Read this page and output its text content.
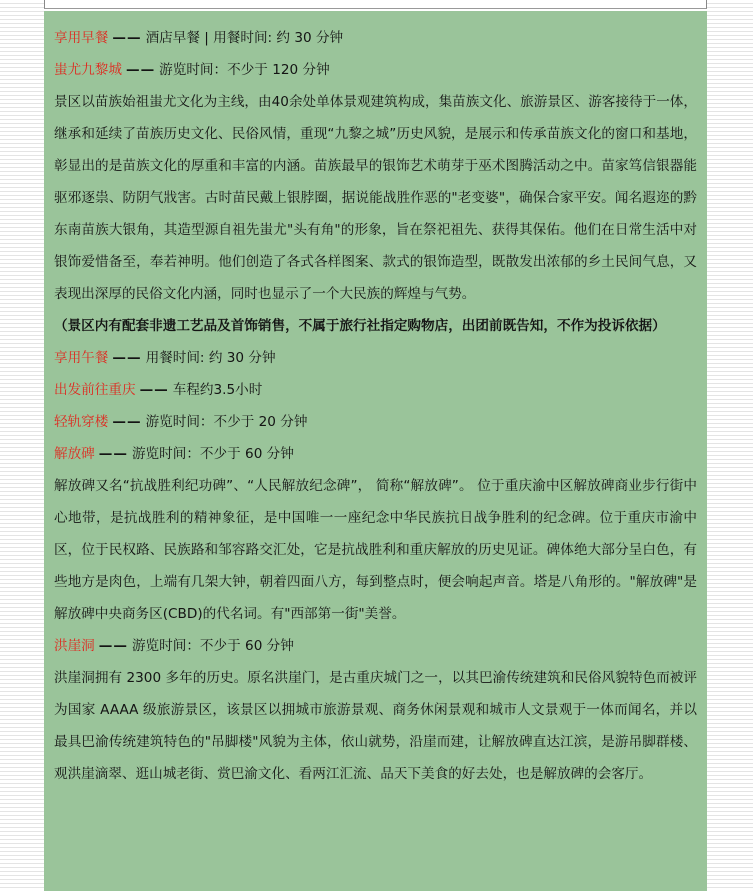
享用早餐 —— 酒店早餐 | 用餐时间: 约 30 分钟
蚩尤九黎城 —— 游览时间：不少于 120 分钟
景区以苗族始祖蚩尤文化为主线，由40余处单体景观建筑构成，集苗族文化、旅游景区、游客接待于一体，继承和延续了苗族历史文化、民俗风情，重现“九黎之城”历史风貌，是展示和传承苗族文化的窗口和基地，彰显出的是苗族文化的厚重和丰富的内涵。苗族最早的银饰艺术萌芽于巫术图腾活动之中。苗家笃信银器能驱邪逐祟、防阴气戕害。古时苗民戴上银脖圈，据说能战胜作恶的"老变婆"，确保合家平安。闻名遐迩的黔东南苗族大银角，其造型源自祖先蚩尤"头有角"的形象，旨在祭祀祖先、获得其保佑。他们在日常生活中对银饰爱惜备至，奉若神明。他们创造了各式各样图案、款式的银饰造型，既散发出浓郁的乡土民间气息，又表现出深厚的民俗文化内涵，同时也显示了一个大民族的辉煌与气势。
（景区内有配套非遗工艺品及首饰销售，不属于旅行社指定购物店，出团前既告知，不作为投诉依据）
享用午餐 —— 用餐时间: 约 30 分钟
出发前往重庆 —— 车程约3.5小时
轻轨穿楼 —— 游览时间：不少于 20 分钟
解放碑 —— 游览时间：不少于 60 分钟
解放碑又名“抗战胜利纪功碑”、“人民解放纪念碑”， 简称“解放碑”。 位于重庆渝中区解放碑商业步行街中心地带，是抗战胜利的精神象征，是中国唯一一座纪念中华民族抗日战争胜利的纪念碑。位于重庆市渝中区，位于民权路、民族路和邹容路交汇处，它是抗战胜利和重庆解放的历史见证。碑体绝大部分呈白色，有些地方是肉色，上端有几架大钟，朝着四面八方，每到整点时，便会响起声音。塔是八角形的。"解放碑"是解放碑中央商务区(CBD)的代名词。有"西部第一街"美誉。
洪崖洞 —— 游览时间：不少于 60 分钟
洪崖洞拥有 2300 多年的历史。原名洪崖门，是古重庆城门之一，以其巴渝传统建筑和民俗风貌特色而被评为国家 AAAA 级旅游景区，该景区以拥城市旅游景观、商务休闲景观和城市人文景观于一体而闻名，并以最具巴渝传统建筑特色的"吊脚楼"风貌为主体，依山就势，沿崖而建，让解放碑直达江滨，是游吊脚群楼、观洪崖滴翠、逛山城老街、赏巴渝文化、看两江汇流、品天下美食的好去处，也是解放碑的会客厅。
